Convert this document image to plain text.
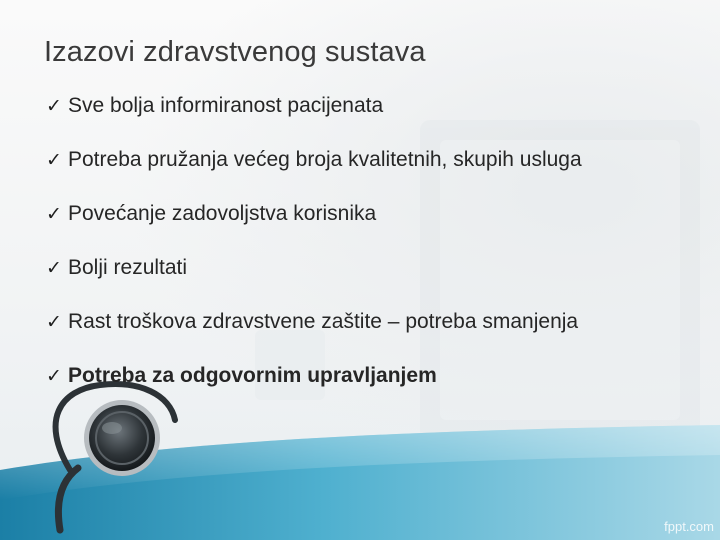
Izazovi zdravstvenog sustava
✓ Sve bolja informiranost pacijenata
✓ Potreba pružanja većeg broja kvalitetnih, skupih usluga
✓ Povećanje zadovoljstva korisnika
✓ Bolji rezultati
✓ Rast troškova zdravstvene zaštite – potreba smanjenja
✓ Potreba za odgovornim upravljanjem
fppt.com
